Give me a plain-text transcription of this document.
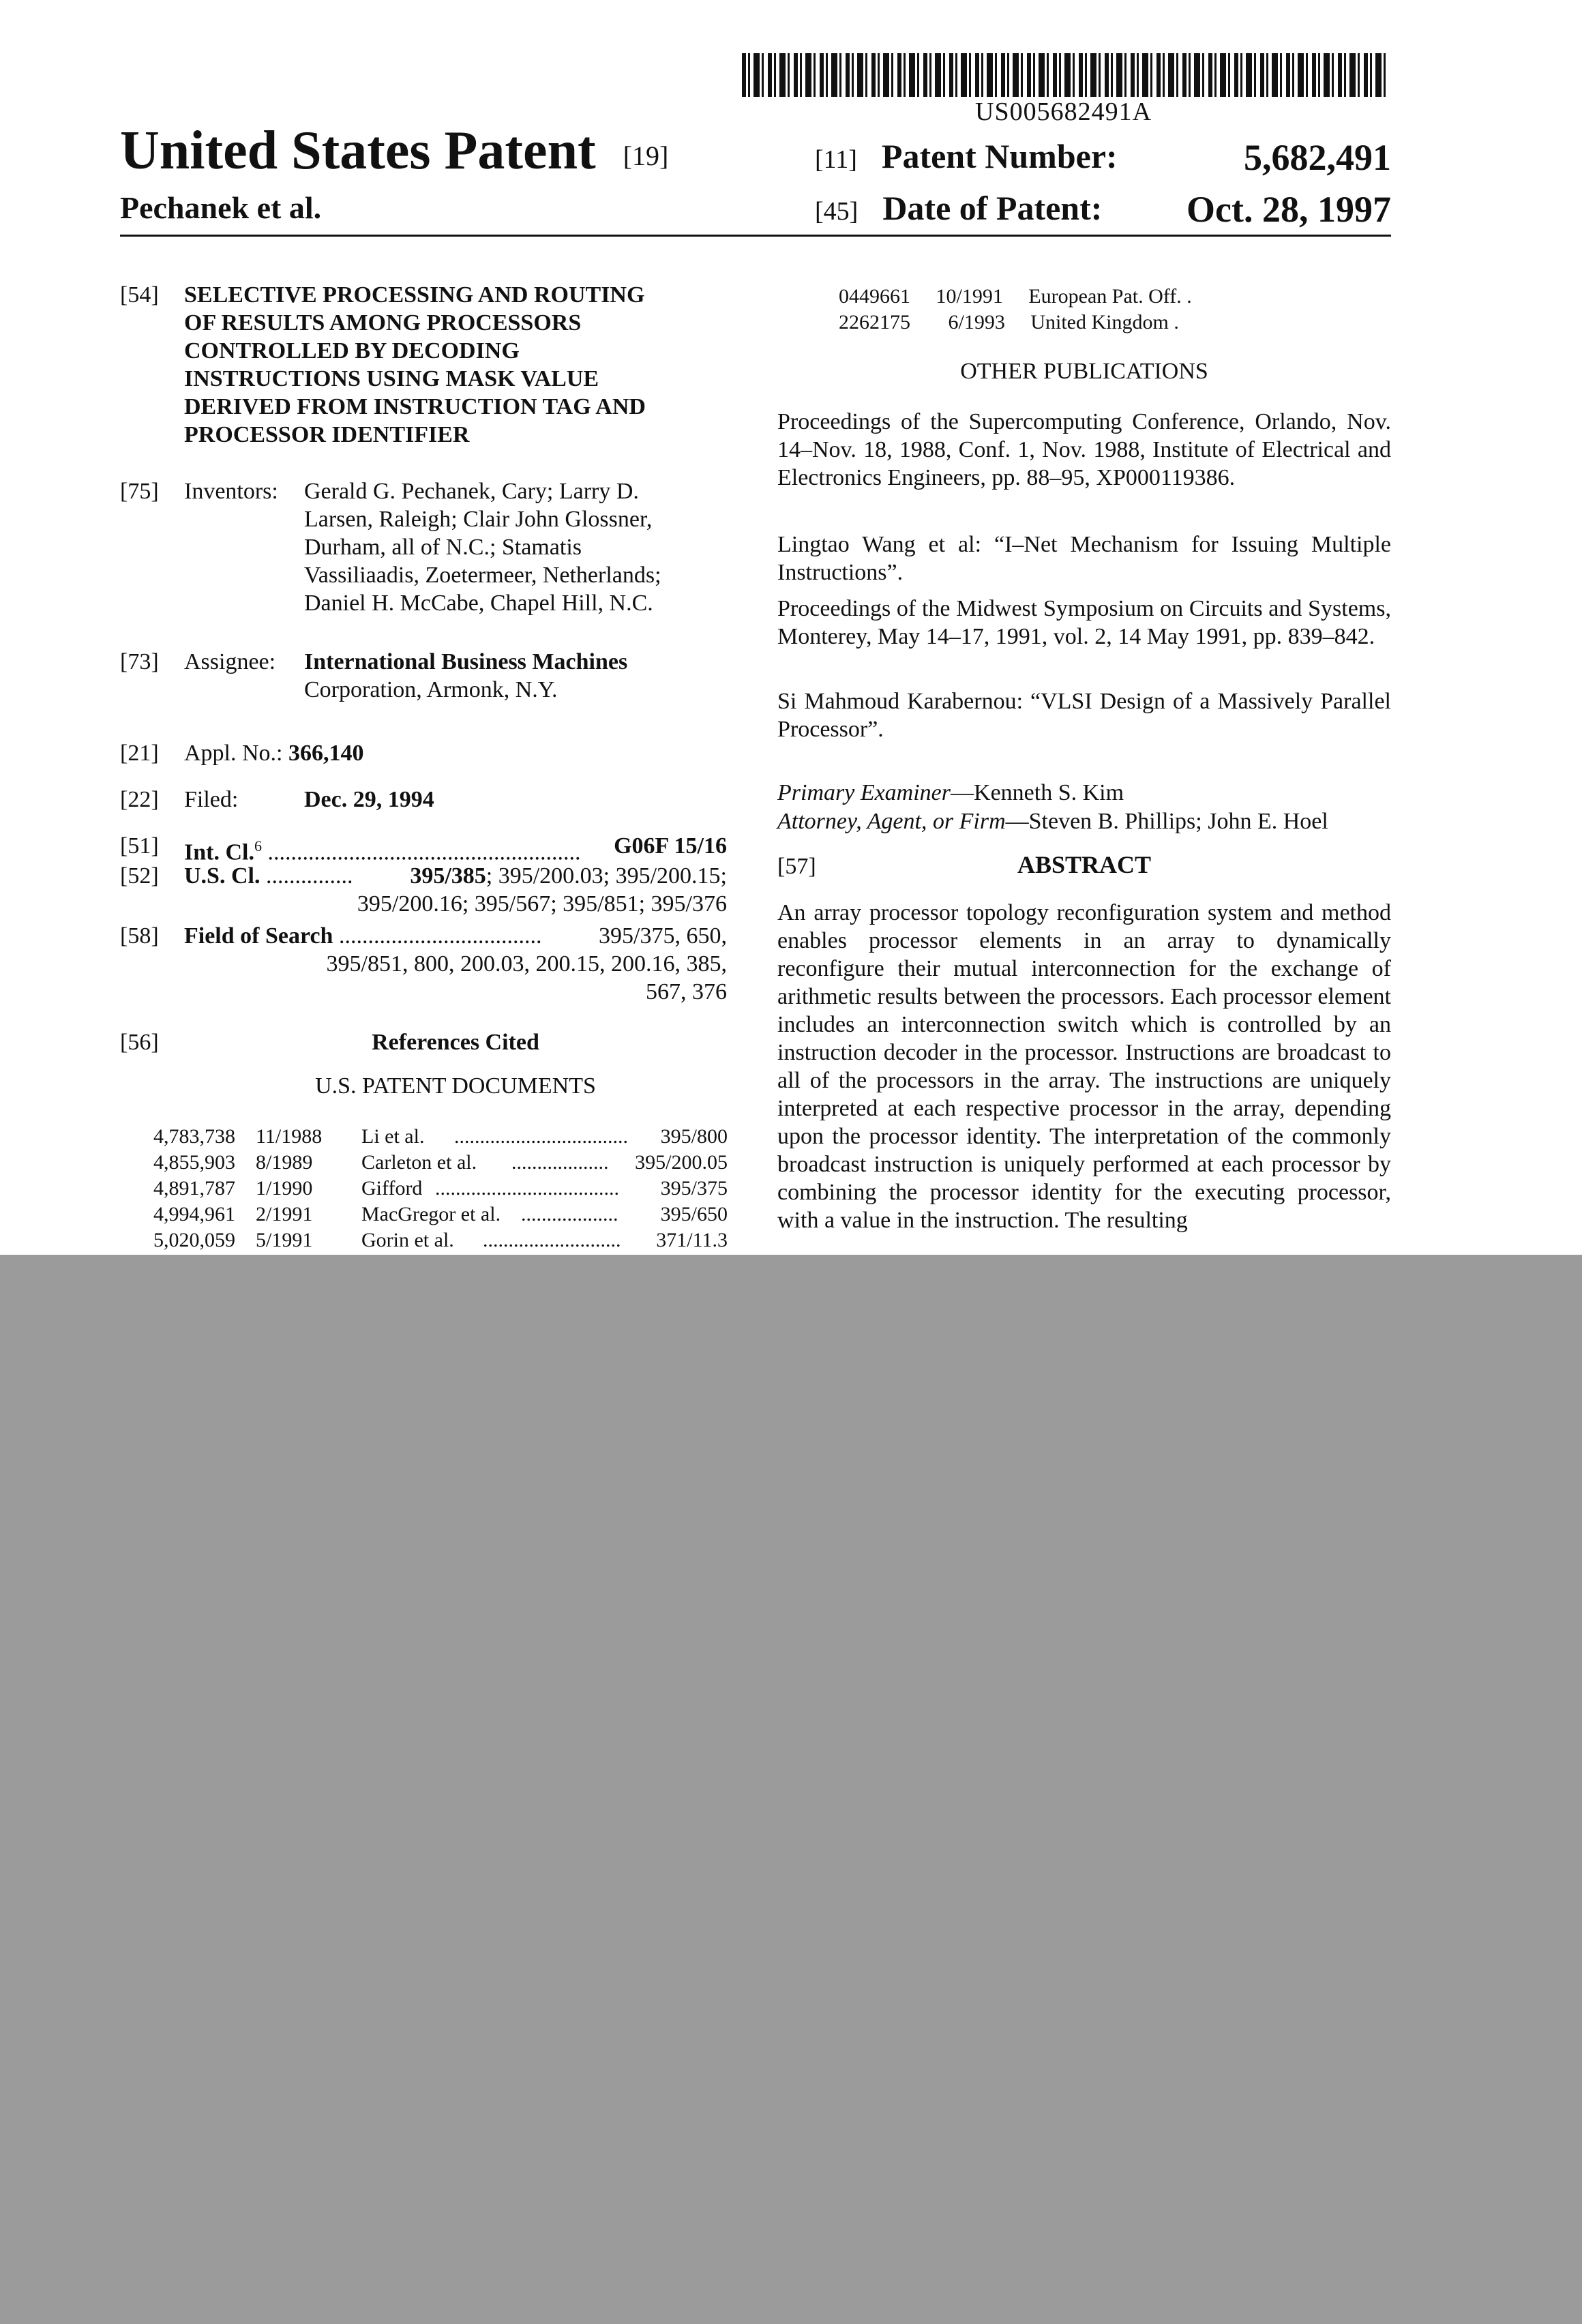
US005682491A
United States Patent [19]
Pechanek et al.
[11] Patent Number:	5,682,491
[45] Date of Patent: Oct. 28, 1997
[54] SELECTIVE PROCESSING AND ROUTING
OF RESULTS AMONG PROCESSORS
CONTROLLED BY DECODING
INSTRUCTIONS USING MASK VALUE
DERIVED FROM INSTRUCTION TAG AND
PROCESSOR IDENTIFIER
[75] Inventors:	Gerald G. Pechanek, Cary; Larry D.
Larsen, Raleigh; Clair John Glossner,
Durham, all of N.C.; Stamatis
Vassiliaadis, Zoetermeer, Netherlands;
Daniel H. McCabe, Chapel Hill, N.C.
[73] Assignee:	International Business Machines
Corporation, Armonk, N.Y.
[21] Appl. No.: 366,140
[22] Filed:	Dec. 29, 1994
[51] Int. Cl.$^6$ ......................................................	G06F 15/16
[52] U.S. Cl. ...............	395/385; 395/200.03; 395/200.15;
395/200.16; 395/567; 395/851; 395/376
[58] Field of Search ...................................	395/375, 650,
395/851, 800, 200.03, 200.15, 200.16, 385,
567, 376
[56]	References Cited
U.S. PATENT DOCUMENTS
4,783,738 11/1988 Li et al. .................................. 395/800
4,855,903 8/1989 Carleton et al. ................... 395/200.05
4,891,787 1/1990 Gifford .................................... 395/375
4,994,961 2/1991 MacGregor et al. ................... 395/650
5,020,059 5/1991 Gorin et al. ........................... 371/11.3
0449661 10/1991 European Pat. Off. .
2262175 6/1993 United Kingdom .
OTHER PUBLICATIONS
Proceedings of the Supercomputing Conference, Orlando, Nov. 14–Nov. 18, 1988, Conf. 1, Nov. 1988, Institute of Electrical and Electronics Engineers, pp. 88–95, XP000119386.
Lingtao Wang et al: “I–Net Mechanism for Issuing Multiple Instructions”.
Proceedings of the Midwest Symposium on Circuits and Systems, Monterey, May 14–17, 1991, vol. 2, 14 May 1991, pp. 839–842.
Si Mahmoud Karabernou: “VLSI Design of a Massively Parallel Processor”.
Primary Examiner—Kenneth S. Kim
Attorney, Agent, or Firm—Steven B. Phillips; John E. Hoel
[57]	ABSTRACT
An array processor topology reconfiguration system and method enables processor elements in an array to dynamically reconfigure their mutual interconnection for the exchange of arithmetic results between the processors. Each processor element includes an interconnection switch which is controlled by an instruction decoder in the processor. Instructions are broadcast to all of the processors in the array. The instructions are uniquely interpreted at each respective processor in the array, depending upon the processor identity. The interpretation of the commonly broadcast instruction is uniquely performed at each processor by combining the processor identity for the executing processor, with a value in the instruction. The resulting
